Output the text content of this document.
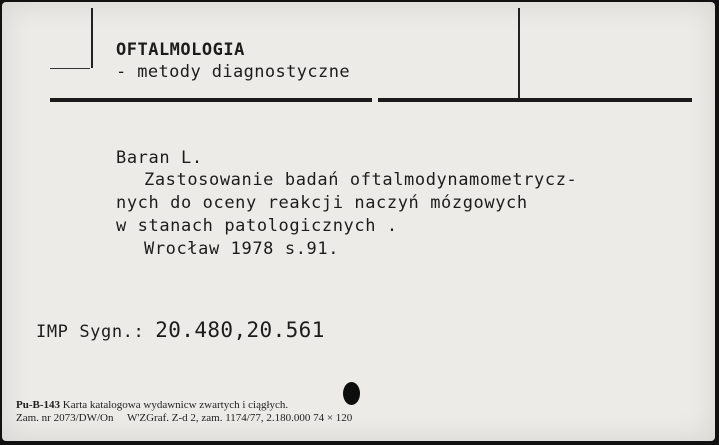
OFTALMOLOGIA
- metody diagnostyczne
Baran L.
Zastosowanie badań oftalmodynamometrycz-
nych do oceny reakcji naczyń mózgowych
w stanach patologicznych .
Wrocław 1978 s.91.
IMP Sygn.: 20.480,20.561
Pu-B-143 Karta katalogowa wydawnicw zwartych i ciągłych.
Zam. nr 2073/DW/On W'ZGraf. Z-d 2, zam. 1174/77, 2.180.000 74 × 120
